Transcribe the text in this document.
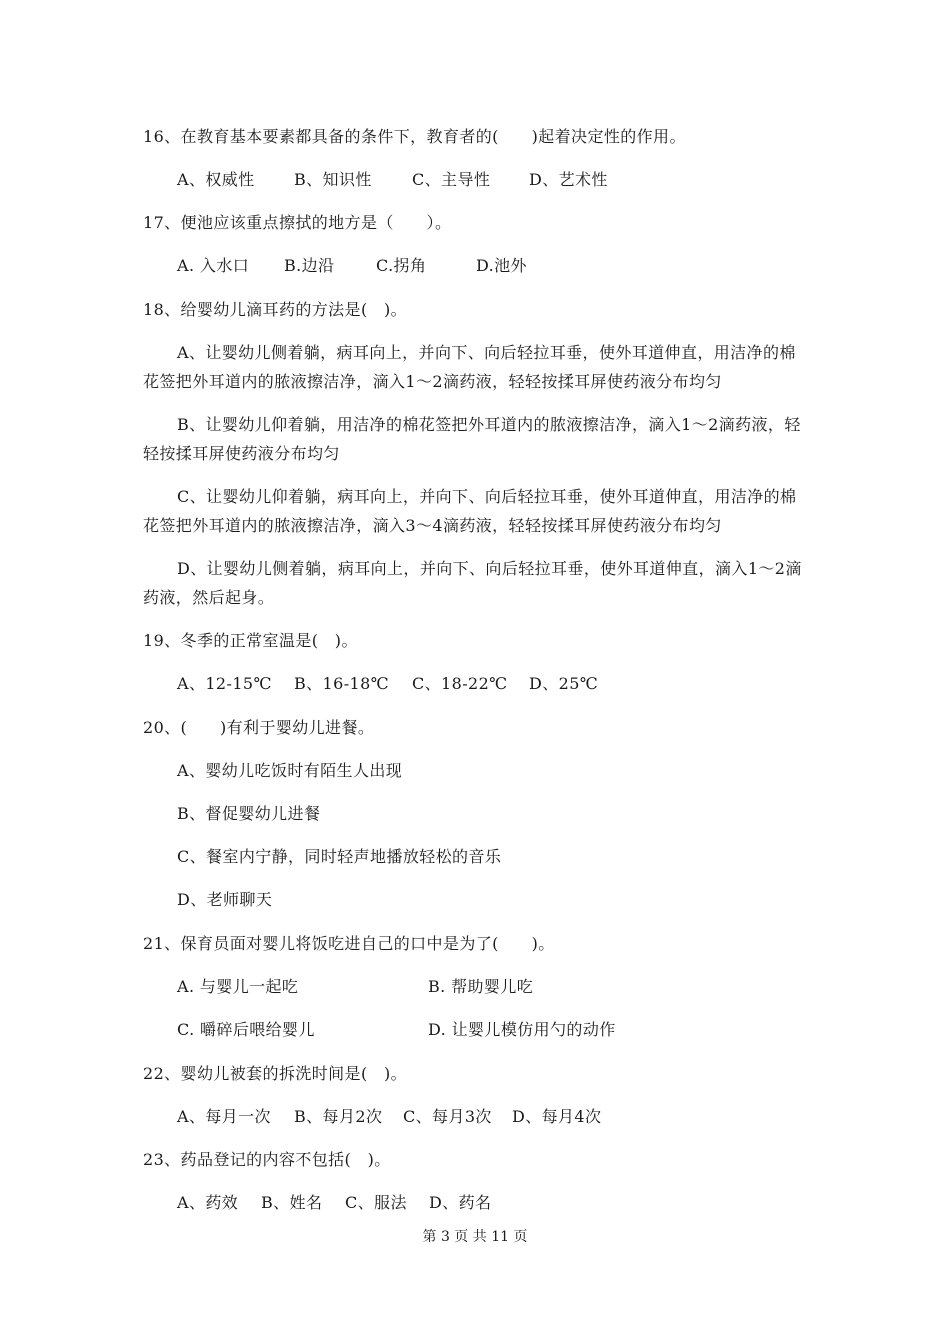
16、在教育基本要素都具备的条件下，教育者的(　　)起着决定性的作用。
A、权威性 B、知识性	C、主导性 D、艺术性
17、便池应该重点擦拭的地方是（　　）。
A. 入水口 B.边沿	C.拐角	D.池外
18、给婴幼儿滴耳药的方法是(　)。
A、让婴幼儿侧着躺，病耳向上，并向下、向后轻拉耳垂，使外耳道伸直，用洁净的棉
花签把外耳道内的脓液擦洁净，滴入1～2滴药液，轻轻按揉耳屏使药液分布均匀
B、让婴幼儿仰着躺，用洁净的棉花签把外耳道内的脓液擦洁净，滴入1～2滴药液，轻
轻按揉耳屏使药液分布均匀
C、让婴幼儿仰着躺，病耳向上，并向下、向后轻拉耳垂，使外耳道伸直，用洁净的棉
花签把外耳道内的脓液擦洁净，滴入3～4滴药液，轻轻按揉耳屏使药液分布均匀
D、让婴幼儿侧着躺，病耳向上，并向下、向后轻拉耳垂，使外耳道伸直，滴入1～2滴
药液，然后起身。
19、冬季的正常室温是(　)。
A、12-15℃ B、16-18℃ C、18-22℃ D、25℃
20、(　　)有利于婴幼儿进餐。
A、婴幼儿吃饭时有陌生人出现
B、督促婴幼儿进餐
C、餐室内宁静，同时轻声地播放轻松的音乐
D、老师聊天
21、保育员面对婴儿将饭吃进自己的口中是为了(　　)。
A. 与婴儿一起吃	B. 帮助婴儿吃
C. 嚼碎后喂给婴儿	D. 让婴儿模仿用勺的动作
22、婴幼儿被套的拆洗时间是(　)。
A、每月一次 B、每月2次 C、每月3次 D、每月4次
23、药品登记的内容不包括(　)。
A、药效 B、姓名 C、服法 D、药名
第 3 页 共 11 页
